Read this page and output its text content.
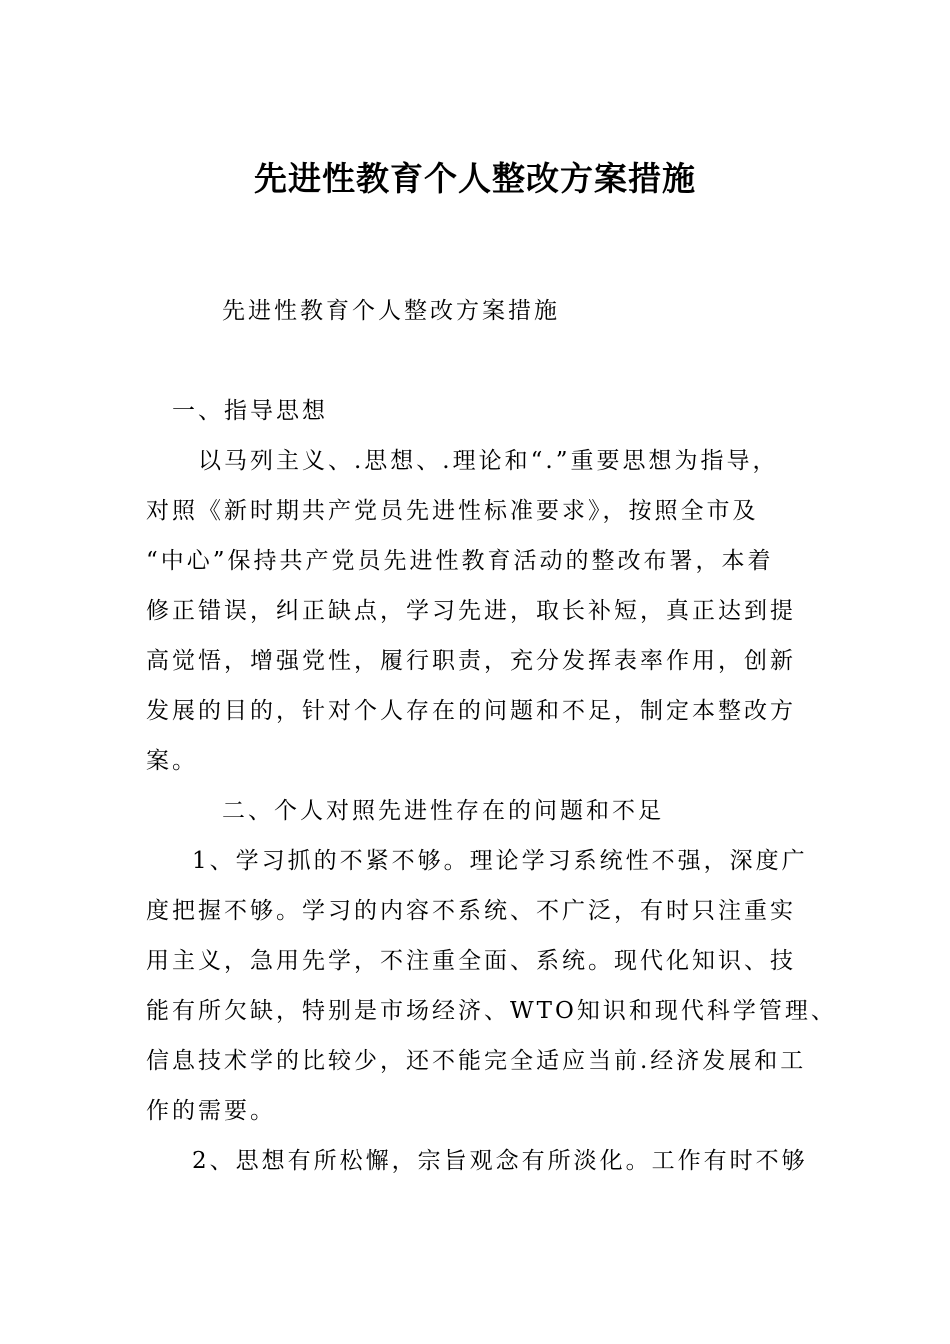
先进性教育个人整改方案措施
先进性教育个人整改方案措施
一、指导思想
以马列主义、.思想、.理论和“.”重要思想为指导，
对照《新时期共产党员先进性标准要求》，按照全市及
“中心”保持共产党员先进性教育活动的整改布署，本着
修正错误，纠正缺点，学习先进，取长补短，真正达到提
高觉悟，增强党性，履行职责，充分发挥表率作用，创新
发展的目的，针对个人存在的问题和不足，制定本整改方
案。
二、个人对照先进性存在的问题和不足
1、学习抓的不紧不够。理论学习系统性不强，深度广
度把握不够。学习的内容不系统、不广泛，有时只注重实
用主义，急用先学，不注重全面、系统。现代化知识、技
能有所欠缺，特别是市场经济、WTO知识和现代科学管理、
信息技术学的比较少，还不能完全适应当前.经济发展和工
作的需要。
2、思想有所松懈，宗旨观念有所淡化。工作有时不够
